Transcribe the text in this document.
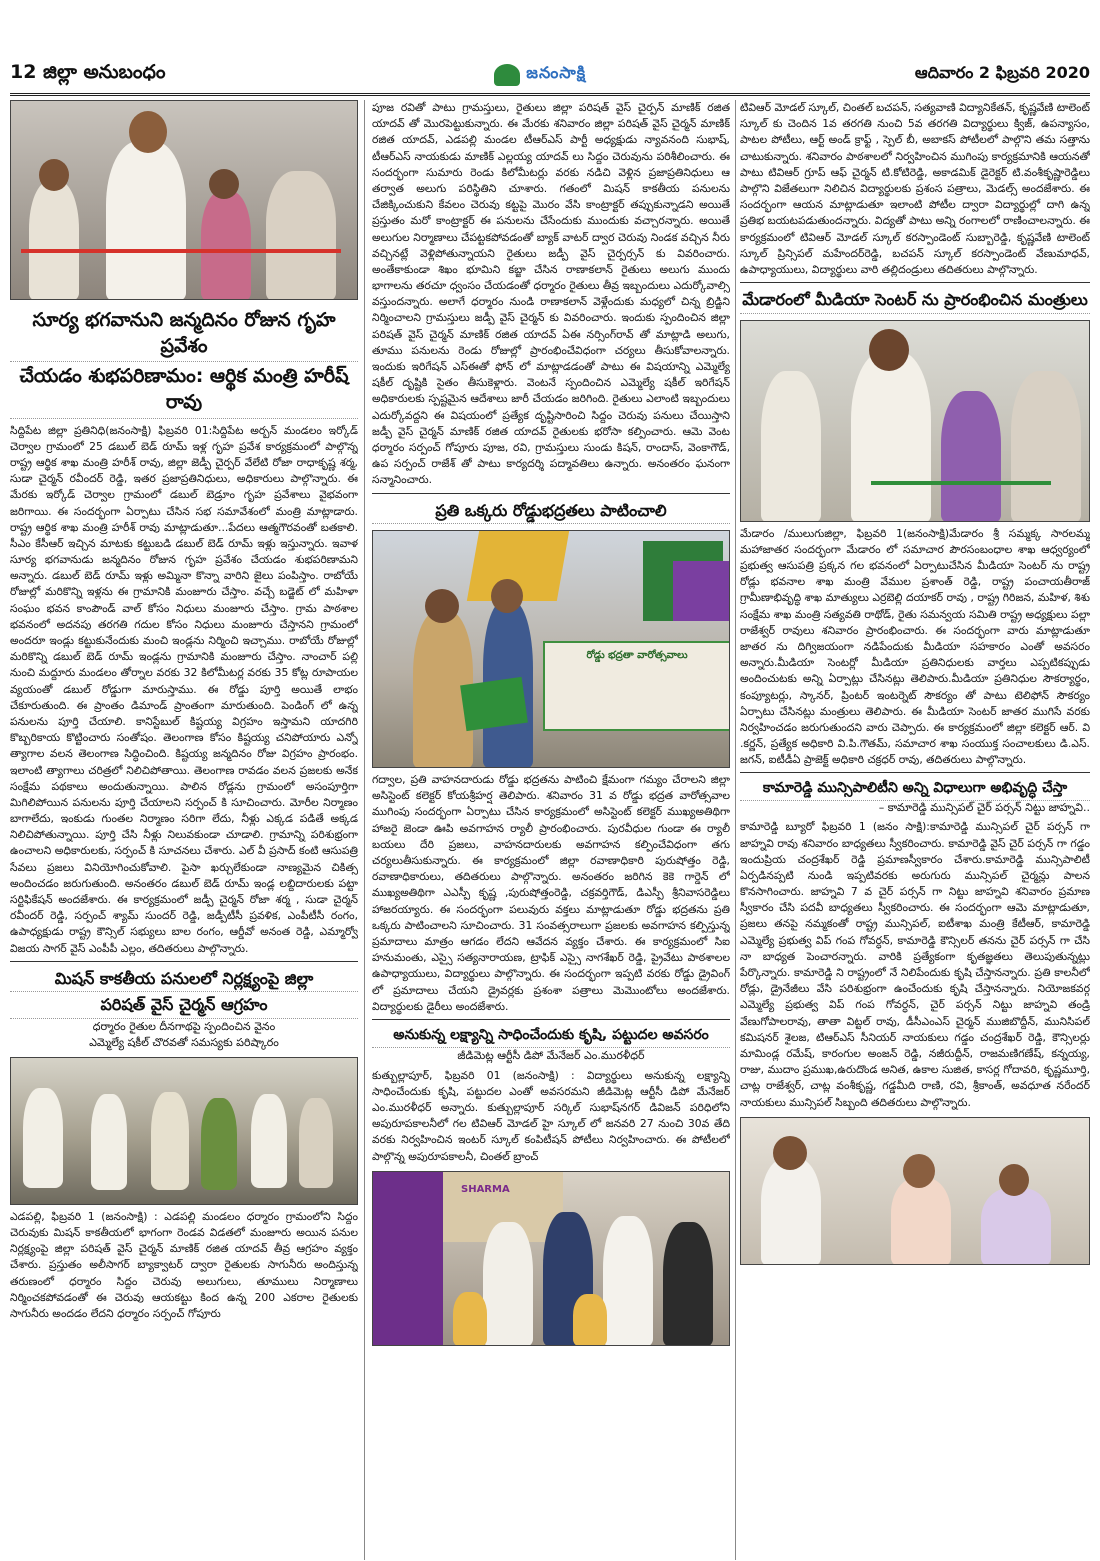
12 జిల్లా అనుబంధం	జనంసాక్షి	ఆదివారం 2 ఫిబ్రవరి 2020
సూర్య భగవానుని జన్మదినం రోజున గృహ ప్రవేశం
చేయడం శుభపరిణామం: ఆర్థిక మంత్రి హరీష్ రావు

సిద్దిపేట జిల్లా ప్రతినిధి(జనంసాక్షి) ఫిబ్రవరి 01:సిద్దిపేట అర్బన్ మండలం ఇర్కోడ్ చెర్వాల గ్రామంలో 25 డబుల్ బెడ్ రూమ్ ఇళ్ల గృహ ప్రవేశ కార్యక్రమంలో పాల్గొన్న రాష్ట్ర ఆర్థిక శాఖ మంత్రి హరీశ్ రావు, జిల్లా జెడ్పీ చైర్పర్ వేలేటి రోజా రాధాకృష్ణ శర్మ, సుడా చైర్మన్ రవీందర్ రెడ్డి, ఇతర ప్రజాప్రతినిధులు, అధికారులు పాల్గొన్నారు. ఈ మేరకు ఇర్కోడ్ చెర్వాల గ్రామంలో డబుల్ బెడ్రూం గృహ ప్రవేశాలు వైభవంగా జరిగాయి. ఈ సందర్భంగా ఏర్పాటు చేసిన సభ సమావేశంలో మంత్రి మాట్లాడారు. రాష్ట్ర ఆర్థిక శాఖ మంత్రి హరీశ్ రావు మాట్లాడుతూ...పేదలు ఆత్మగౌరవంతో బతకాలి. సీఎం కేసీఆర్ ఇచ్చిన మాటకు కట్టుబడి డబుల్ బెడ్ రూమ్ ఇళ్లు ఇస్తున్నారు. ఇవాళ సూర్య భగవానుడు జన్మదినం రోజున గృహ ప్రవేశం చేయడం శుభపరిణామని అన్నారు. డబుల్ బెడ్ రూమ్ ఇళ్లు అమ్మినా కొన్నా వారిని జైలు పంపిస్తాం. రాబోయే రోజుల్లో మరికొన్ని ఇళ్లను ఈ గ్రామానికి మంజూరు చేస్తాం. వచ్చే బడ్జెట్ లో మహిళా సంఘం భవన కాంపౌండ్ వాల్ కోసం నిధులు మంజూరు చేస్తాం. గ్రామ పాఠశాల భవనంలో అదనపు తరగతి గదుల కోసం నిధులు మంజూరు చేస్తానని గ్రామంలో అందరూ ఇండ్లు కట్టుకునేందుకు మంచి ఇండ్లను నిర్మించి ఇచ్చాము. రాబోయే రోజుల్లో మరికొన్ని డబుల్ బెడ్ రూమ్ ఇండ్లను గ్రామానికి మంజూరు చేస్తాం. నాంచార్ పల్లి నుంచి మద్దూరు మండలం తోర్నాల వరకు 32 కిలోమీటర్ల వరకు 35 కోట్ల రూపాయల వ్యయంతో డబుల్ రోడ్డుగా మారుస్తాము. ఈ రోడ్డు పూర్తి అయితే లాభం చేకూరుతుంది. ఈ ప్రాంతం డిమాండ్ ప్రాంతంగా మారుతుంది. పెండింగ్ లో ఉన్న పనులను పూర్తి చేయాలి. కానిస్టేబుల్ కిష్టయ్య విగ్రహం ఇస్తామని యాదగిరి కొబ్బరికాయ కొట్టించారు సంతోషం. తెలంగాణ కోసం కిష్టయ్య చనిపోయారు ఎన్నో త్యాగాల వలన తెలంగాణ సిద్ధించింది. కిష్టయ్య జన్మదినం రోజు విగ్రహం ప్రారంభం. ఇలాంటి త్యాగాలు చరిత్రలో నిలిచిపోతాయి. తెలంగాణ రావడం వలన ప్రజలకు అనేక సంక్షేమ పథకాలు అందుతున్నాయి. పాలిన రోడ్లను గ్రామంలో అసంపూర్తిగా మిగిలిపోయిన పనులను పూర్తి చేయాలని సర్పంచ్ కి సూచించారు. మోరీల నిర్మాణం బాగాలేదు, ఇంకుడు గుంతల నిర్మాణం సరిగా లేదు, నీళ్లు ఎక్కడ పడితే అక్కడ నిలిచిపోతున్నాయి. పూర్తి చేసి నీళ్లు నిలువకుండా చూడాలి. గ్రామాన్ని పరిశుభ్రంగా ఉంచాలని అధికారులకు, సర్పంచ్ కి సూచనలు చేశారు. ఎల్ వీ ప్రసాద్ కంటి ఆసుపత్రి సేవలు ప్రజలు వినియోగించుకోవాలి. పైసా ఖర్చులేకుండా నాణ్యమైన చికిత్స అందించడం జరుగుతుంది. అనంతరం డబుల్ బెడ్ రూమ్ ఇండ్ల లబ్దిదారులకు పట్టా సర్టిఫికేషన్ అందజేశారు. ఈ కార్యక్రమంలో జడ్పీ చైర్మన్ రోజా శర్మ , సుడా చైర్మన్ రవీందర్ రెడ్డి, సర్పంచ్ శ్యామ్ సుందర్ రెడ్డి, జడ్పీటీసీ ప్రవళిక, ఎంపీటీసీ రంగం, ఉపాధ్యక్షుడు రాష్ట్ర కౌన్సిల్ సభ్యులు బాల రంగం, ఆర్డీవో అనంత రెడ్డి, ఎమ్మార్వో విజయ సాగర్ వైస్ ఎంపీపీ ఎల్లం, తదితరులు పాల్గొన్నారు.

మిషన్ కాకతీయ పనులలో నిర్లక్ష్యంపై జిల్లా
పరిషత్ వైస్ చైర్మన్ ఆగ్రహం
ధర్మారం రైతుల దీనగాథపై స్పందించిన వైనం
ఎమ్మెల్యే షకీల్ చొరవతో సమస్యకు పరిష్కారం

ఎడపల్లి, ఫిబ్రవరి 1 (జనంసాక్షి) : ఎడపల్లి మండలం ధర్మారం గ్రామంలోని సిద్దం చెరువుకు మిషన్ కాకతీయలో భాగంగా రెండవ విడతలో మంజూరు అయిన పనుల నిర్లక్ష్యంపై జిల్లా పరిషత్ వైస్ చైర్మన్ మాణిక్ రజిత యాదవ్ తీవ్ర ఆగ్రహం వ్యక్తం చేశారు. ప్రస్తుతం అలీసాగర్ బ్యాక్వాటర్ ద్వారా రైతులకు సాగునీరు అందిస్తున్న తరుణంలో ధర్మారం సిద్దం చెరువు అలుగులు, తూములు నిర్మాణాలు నిర్మించకపోవడంతో ఈ చెరువు ఆయకట్టు కింద ఉన్న 200 ఎకరాల రైతులకు సాగునీరు అందడం లేదని ధర్మారం సర్పంచ్ గోపూరు

పూజ రవితో పాటు గ్రామస్తులు, రైతులు జిల్లా పరిషత్ వైస్ చైర్పన్ మాణిక్ రజిత యాదవ్ తో మొరపెట్టుకున్నారు. ఈ మేరకు శనివారం జిల్లా పరిషత్ వైస్ చైర్మన్ మాణిక్ రజిత యాదవ్, ఎడపల్లి మండల టీఆర్ఎస్ పార్టీ అధ్యక్షుడు న్యావనంది సుభాష్, టీఆర్ఎస్ నాయకుడు మాణిక్ ఎల్లయ్య యాదవ్ లు సిద్దం చెరువును పరిశీలించారు. ఈ సందర్భంగా సుమారు రెండు కిలోమీటర్లు వరకు నడిచి వెళ్లిన ప్రజాప్రతినిధులు ఆ తర్వాత అలుగు పరిస్థితిని చూశారు. గతంలో మిషన్ కాకతీయ పనులను చేజిక్కించుకుని కేవలం చెరువు కట్టపై మొరం వేసి కాంట్రాక్టర్ తప్పుకున్నాడని అయితే ప్రస్తుతం మరో కాంట్రాక్టర్ ఈ పనులను చేసేందుకు ముందుకు వచ్చారన్నారు. అయితే అలుగుల నిర్మాణాలు చేపట్టకపోవడంతో బ్యాక్ వాటర్ ద్వార చెరువు నిండక వచ్చిన నీరు వచ్చినట్లే వెళ్లిపోతున్నాయని రైతులు జడ్పీ వైస్ చైర్పర్సన్ కు వివరించారు. అంతేకాకుండా శిఖం భూమిని కబ్జా చేసిన రాణాకలాన్ రైతులు అలుగు ముందు భాగాలను తరచూ ధ్వంసం చేయడంతో ధర్మారం రైతులు తీవ్ర ఇబ్బందులు ఎదుర్కోవాల్సి వస్తుందన్నారు. అలాగే ధర్మారం నుండి రాణాకలాన్ వెళ్లేందుకు మధ్యలో చిన్న బ్రిడ్జిని నిర్మించాలని గ్రామస్తులు జడ్పీ వైస్ చైర్మన్ కు వివరించారు. ఇందుకు స్పందించిన జిల్లా పరిషత్ వైస్ చైర్మన్ మాణిక్ రజిత యాదవ్ ఏఈ నర్సింగ్‌రావ్ తో మాట్లాడి అలుగు, తూము పనులను రెండు రోజుల్లో ప్రారంభించేవిధంగా చర్యలు తీసుకోవాలన్నారు. ఇందుకు ఇరిగేషన్ ఎస్ఈతో ఫోన్ లో మాట్లాడడంతో పాటు ఈ విషయాన్ని ఎమ్మెల్యే షకీల్ దృష్టికి సైతం తీసుకెళ్లారు. వెంటనే స్పందించిన ఎమ్మెల్యే షకీల్ ఇరిగేషన్ అధికారులకు స్పష్టమైన ఆదేశాలు జారీ చేయడం జరిగింది. రైతులు ఎలాంటి ఇబ్బందులు ఎదుర్కోవద్దని ఈ విషయంలో ప్రత్యేక దృష్టిసారించి సిద్దం చెరువు పనులు చేయిస్తాని జడ్పీ వైస్ చైర్మన్ మాణిక్ రజిత యాదవ్ రైతులకు భరోసా కల్పించారు. ఆమె వెంట ధర్మారం సర్పంచ్ గోపూరు పూజ, రవి, గ్రామస్తులు సుండు కిషన్, రాందాస్, వెంకాగౌడ్, ఉప సర్పంచ్ రాజేశ్ తో పాటు కార్యదర్శి పద్మావతిలు ఉన్నారు. అనంతరం ఘనంగా సన్మానించారు.

ప్రతి ఒక్కరు రోడ్డుభద్రతలు పాటించాలి
రోడ్డు భద్రతా వారోత్సవాలు

గద్వాల, ప్రతి వాహనదారుడు రోడ్డు భద్రతను పాటించి క్షేమంగా గమ్యం చేరాలని జిల్లా అసిస్టెంట్ కలెక్టర్ కోయశ్రీహర్ష తెలిపారు. శనివారం 31 వ రోడ్డు భద్రత వారోత్సవాల ముగింపు సందర్భంగా ఏర్పాటు చేసిన కార్యక్రమంలో అసిస్టెంట్ కలెక్టర్ ముఖ్యఅతిథిగా హాజరై జెండా ఊపి అవగాహన ర్యాలీ ప్రారంభించారు. పురవీధుల గుండా ఈ ర్యాలీ బయలు దేరి ప్రజలు, వాహనదారులకు అవగాహన కల్పించేవిధంగా తగు చర్యలుతీసుకున్నారు. ఈ కార్యక్రమంలో జిల్లా రవాణాధికారి పురుషోత్తం రెడ్డి, రవాణాధికారులు, తదితరులు పాల్గొన్నారు. అనంతరం జరిగిన కెకె గార్డెన్ లో ముఖ్యఅతిథిగా ఎఎస్పీ కృష్ణ ,పురుషోత్తంరెడ్డి, చక్రవర్తిగౌడ్, డిఎస్పీ శ్రీనివాసరెడ్డిలు హాజరయ్యారు. ఈ సందర్భంగా పలువురు వక్తలు మాట్లాడుతూ రోడ్డు భద్రతను ప్రతి ఒక్కరు పాటించాలని సూచించారు. 31 సంవత్సరాలుగా ప్రజలకు అవగాహన కల్పిస్తున్న ప్రమాదాలు మాత్రం ఆగడం లేదని ఆవేదన వ్యక్తం చేశారు. ఈ కార్యక్రమంలో సిఐ హనుమంతు, ఎస్సై సత్యనారాయణ, ట్రాఫిక్ ఎస్సై నాగశేఖర్ రెడ్డి, ప్రైవేటు పాఠశాలల ఉపాధ్యాయులు, విద్యార్థులు పాల్గొన్నారు. ఈ సందర్భంగా ఇప్పటి వరకు రోడ్డు డ్రైవింగ్ లో ప్రమాదాలు చేయని డ్రైవర్లకు ప్రశంశా పత్రాలు మెమొంటోలు అందజేశారు. విద్యార్థులకు డైరీలు అందజేశారు.

అనుకున్న లక్ష్యాన్ని సాధించేందుకు కృషి, పట్టుదల అవసరం
జీడిమెట్ల ఆర్టీసీ డిపో మేనేజర్ ఎం.మురళీధర్

కుత్బుల్లాపూర్, ఫిబ్రవరి 01 (జనంసాక్షి) : విద్యార్థులు అనుకున్న లక్ష్యాన్ని సాధించేందుకు కృషి, పట్టుదల ఎంతో అవసరమని జీడిమెట్ల ఆర్టీసీ డిపో మేనేజర్ ఎం.మురళీధర్ అన్నారు. కుత్బుల్లాపూర్ సర్కిల్ సుభాష్‌నగర్ డివిజన్ పరిధిలోని అపురూపకాలనీలో గల టివిఆర్ మోడల్ హై స్కూల్ లో జనవరి 27 నుంచి 30వ తేది వరకు నిర్వహించిన ఇంటర్ స్కూల్ కంపిటీషన్ పోటీలు నిర్వహించారు. ఈ పోటీలలో పాల్గొన్న అపురూపకాలనీ, చింతల్ బ్రాంచ్

SHARMA

టివిఆర్ మోడల్ స్కూల్, చింతల్ బచపన్, సత్యవాణి విద్యానికేతన్, కృష్ణవేణి టాలెంట్ స్కూల్ కు చెందిన 1వ తరగతి నుంచి 5వ తరగతి విద్యార్థులు క్విజ్, ఉపన్యాసం, పాటల పోటీలు, ఆర్ట్ అండ్ క్రాఫ్ట్ , స్పెల్ బీ, అబాకస్ పోటీలలో పాల్గొని తమ సత్తాను చాటుకున్నారు. శనివారం పాఠశాలలో నిర్వహించిన ముగింపు కార్యక్రమానికి ఆయనతో పాటు టివిఆర్ గ్రూప్ ఆఫ్ చైర్మన్ టి.కోటిరెడ్డి, అకాడమిక్ డైరెక్టర్ టి.వంశీకృష్ణారెడ్డిలు పాల్గొని విజేతలుగా నిలిచిన విద్యార్థులకు ప్రశంస పత్రాలు, మెడల్స్ అందజేశారు. ఈ సందర్భంగా ఆయన మాట్లాడుతూ ఇలాంటి పోటీల ద్వారా విద్యార్థుల్లో దాగి ఉన్న ప్రతిభ బయటపడుతుందన్నారు. విద్యతో పాటు అన్ని రంగాలలో రాణించాలన్నారు. ఈ కార్యక్రమంలో టివిఆర్ మోడల్ స్కూల్ కరస్పాండెంట్ సుబ్బారెడ్డి, కృష్ణవేణి టాలెంట్ స్కూల్ ప్రిన్సిపల్ మహేందర్‌రెడ్డి, బచపన్ స్కూల్ కరస్పాండెంట్ వేణుమాధవ్, ఉపాధ్యాయులు, విద్యార్థులు వారి తల్లిదండ్రులు తదితరులు పాల్గొన్నారు.

మేడారంలో మీడియా సెంటర్ ను ప్రారంభించిన మంత్రులు

మేడారం /ములుగుజిల్లా, ఫిబ్రవరి 1(జనంసాక్షి)మేడారం శ్రీ సమ్మక్క సారలమ్మ మహాజాతర సందర్భంగా మేడారం లో సమాచార పౌరసంబంధాల శాఖ ఆధ్వర్యంలో ప్రభుత్వ ఆసుపత్రి ప్రక్కన గల భవనంలో ఏర్పాటుచేసిన మీడియా సెంటర్ ను రాష్ట్ర రోడ్లు భవనాల శాఖ మంత్రి వేముల ప్రశాంత్ రెడ్డి, రాష్ట్ర పంచాయతీరాజ్ గ్రామీణాభివృద్ధి శాఖ మాత్యులు ఎర్రబెల్లి దయాకర్ రావు , రాష్ట్ర గిరిజన, మహిళ, శిశు సంక్షేమ శాఖ మంత్రి సత్యవతి రాథోడ్, రైతు సమన్వయ సమితి రాష్ట్ర అధ్యక్షులు పల్లా రాజేశ్వర్ రావులు శనివారం ప్రారంభించారు. ఈ సందర్భంగా వారు మాట్లాడుతూ జాతర ను దిగ్విజయంగా నడిపేందుకు మీడియా సహకారం ఎంతో అవసరం అన్నారు.మీడియా సెంటర్లో మీడియా ప్రతినిధులకు వార్తలు ఎప్పటికప్పుడు అందించుటకు అన్ని ఏర్పాట్లు చేసినట్లు తెలిపారు.మీడియా ప్రతినిధుల సౌకర్యార్థం, కంప్యూటర్లు, స్కానర్, ప్రింటర్ ఇంటర్నెట్ సౌకర్యం తో పాటు టెలిఫోన్ సౌకర్యం ఏర్పాటు చేసినట్లు మంత్రులు తెలిపారు. ఈ మీడియా సెంటర్ జాతర ముగిసే వరకు నిర్వహించడం జరుగుతుందని వారు చెప్పారు. ఈ కార్యక్రమంలో జిల్లా కలెక్టర్ ఆర్. వి .కర్ణన్, ప్రత్యేక అధికారి వి.పి.గౌతమ్, సమాచార శాఖ సంయుక్త సంచాలకులు డి.ఎస్. జగన్, ఐటీడీఏ ప్రాజెక్ట్ అధికారి చక్రధర్ రావు, తదితరులు పాల్గొన్నారు.

కామారెడ్డి మున్సిపాలిటీని అన్ని విధాలుగా అభివృద్ధి చేస్తా
– కామారెడ్డి మున్సిపల్ చైర్ పర్సన్ నిట్టు జాహ్నవి..

కామారెడ్డి బ్యూరో ఫిబ్రవరి 1 (జనం సాక్షి):కామారెడ్డి మున్సిపల్ చైర్ పర్సన్ గా జాహ్నవి రావు శనివారం బాధ్యతలు స్వీకరించారు. కామారెడ్డి వైస్ చైర్ పర్సన్ గా గడ్డం ఇందుప్రియ చంద్రశేఖర్ రెడ్డి ప్రమాణస్వీకారం చేశారు.కామారెడ్డి మున్సిపాలిటీ ఏర్పడినప్పటి నుండి ఇప్పటివరకు అరుగురు మున్సిపల్ చైర్మన్లు పాలన కొనసాగించారు. జాహ్నవి 7 వ చైర్ పర్సన్ గా నిట్టు జాహ్నవి శనివారం ప్రమాణ స్వీకారం చేసి పదవీ బాధ్యతలు స్వీకరించారు. ఈ సందర్భంగా ఆమె మాట్లాడుతూ, ప్రజలు తనపై నమ్మకంతో రాష్ట్ర మున్సిపల్, ఐటీశాఖ మంత్రి కేటీఆర్, కామారెడ్డి ఎమ్మెల్యే ప్రభుత్వ విప్ గంప గోవర్ధన్, కామారెడ్డి కౌన్సిలర్ తనను చైర్ పర్సన్ గా చేసి నా బాధ్యత పెంచారన్నారు. వారికి ప్రత్యేకంగా కృతజ్ఞతలు తెలుపుతున్నట్లు పేర్కొన్నారు. కామారెడ్డి ని రాష్ట్రంలో నే నిలిపేందుకు కృషి చేస్తానన్నారు. ప్రతి కాలనీలో రోడ్లు, డ్రైనేజీలు వేసి పరిశుభ్రంగా ఉంచేందుకు కృషి చేస్తానన్నారు. నియోజకవర్గ ఎమ్మెల్యే ప్రభుత్వ విప్ గంప గోవర్ధన్, చైర్ పర్సన్ నిట్టు జాహ్నవి తండ్రి వేణుగోపాలరావు, తాతా విట్టల్ రావు, డీసీఎంఎస్ చైర్మన్ ముజిబొద్దీన్, మునిసిపల్ కమిషనర్ శైలజ, టిఆర్ఎస్ సీనియర్ నాయకులు గడ్డం చంద్రశేఖర్ రెడ్డి, కౌన్సిలర్లు మామిండ్ల రమేష్, కారంగుల అంజన్ రెడ్డి, నజీరుద్దీన్, రాజమణిగణేష్, కన్నయ్య, రాజు, ముదాం ప్రముఖ,ఉరుదొండ అనిత, ఉకాల సుజిత, కాసర్ల గోదావరి, కృష్ణమూర్తి, చాట్ల రాజేశ్వర్, చాట్ల వంశీకృష్ణ, గడ్డమీది రాణి, రవి, శ్రీకాంత్, అవధూత నరేందర్ నాయకులు మున్సిపల్ సిబ్బంది తదితరులు పాల్గొన్నారు.
